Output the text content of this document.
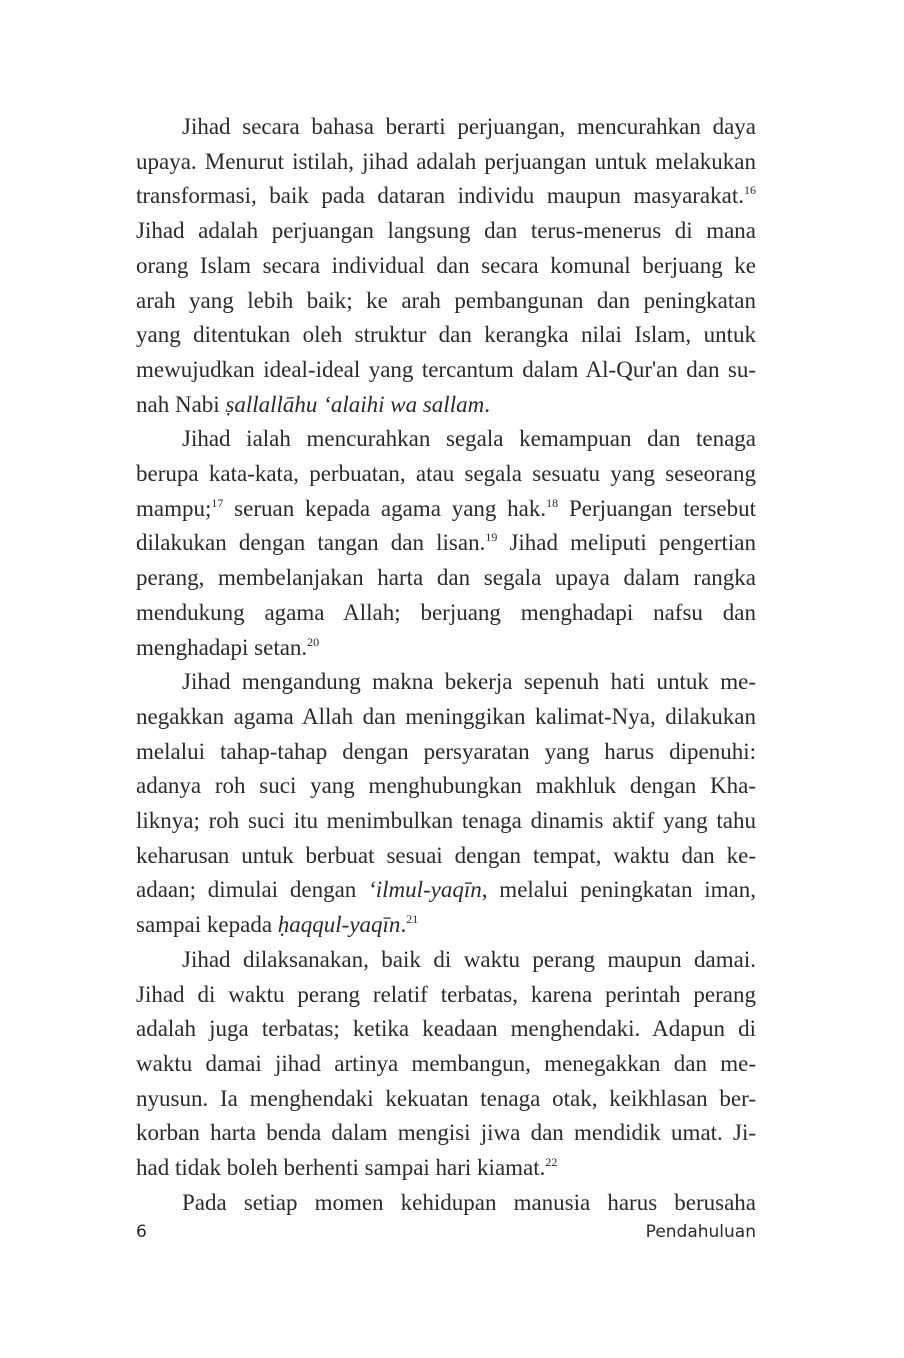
Jihad secara bahasa berarti perjuangan, mencurahkan daya
upaya. Menurut istilah, jihad adalah perjuangan untuk melakukan
transformasi, baik pada dataran individu maupun masyarakat.$^{16}$
Jihad adalah perjuangan langsung dan terus-menerus di mana
orang Islam secara individual dan secara komunal berjuang ke
arah yang lebih baik; ke arah pembangunan dan peningkatan
yang ditentukan oleh struktur dan kerangka nilai Islam, untuk
mewujudkan ideal-ideal yang tercantum dalam Al-Qur'an dan su-
nah Nabi ṣallallāhu ‘alaihi wa sallam.
Jihad ialah mencurahkan segala kemampuan dan tenaga
berupa kata-kata, perbuatan, atau segala sesuatu yang seseorang
mampu;$^{17}$ seruan kepada agama yang hak.$^{18}$ Perjuangan tersebut
dilakukan dengan tangan dan lisan.$^{19}$ Jihad meliputi pengertian
perang, membelanjakan harta dan segala upaya dalam rangka
mendukung agama Allah; berjuang menghadapi nafsu dan
menghadapi setan.$^{20}$
Jihad mengandung makna bekerja sepenuh hati untuk me-
negakkan agama Allah dan meninggikan kalimat-Nya, dilakukan
melalui tahap-tahap dengan persyaratan yang harus dipenuhi:
adanya roh suci yang menghubungkan makhluk dengan Kha-
liknya; roh suci itu menimbulkan tenaga dinamis aktif yang tahu
keharusan untuk berbuat sesuai dengan tempat, waktu dan ke-
adaan; dimulai dengan ‘ilmul-yaqīn, melalui peningkatan iman,
sampai kepada ḥaqqul-yaqīn.$^{21}$
Jihad dilaksanakan, baik di waktu perang maupun damai.
Jihad di waktu perang relatif terbatas, karena perintah perang
adalah juga terbatas; ketika keadaan menghendaki. Adapun di
waktu damai jihad artinya membangun, menegakkan dan me-
nyusun. Ia menghendaki kekuatan tenaga otak, keikhlasan ber-
korban harta benda dalam mengisi jiwa dan mendidik umat. Ji-
had tidak boleh berhenti sampai hari kiamat.$^{22}$
Pada setiap momen kehidupan manusia harus berusaha
6	Pendahuluan
